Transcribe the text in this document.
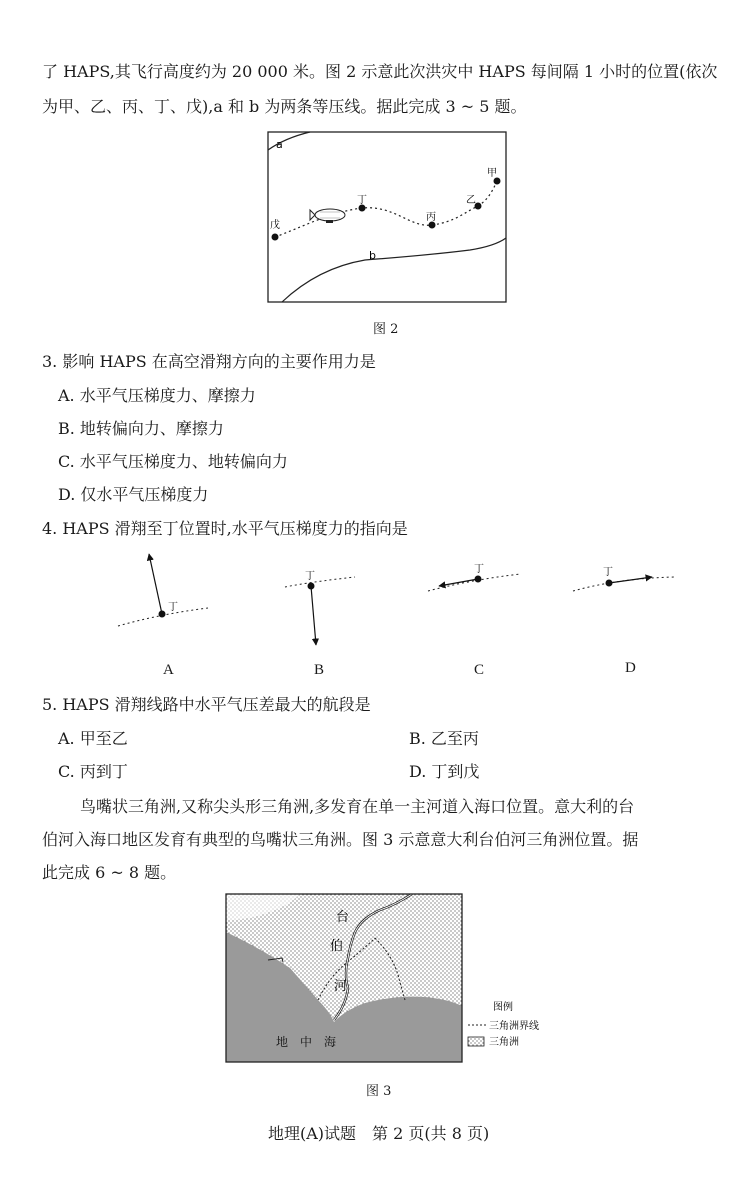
了 HAPS,其飞行高度约为 20 000 米。图 2 示意此次洪灾中 HAPS 每间隔 1 小时的位置(依次
为甲、乙、丙、丁、戊),a 和 b 为两条等压线。据此完成 3 ~ 5 题。
a
b
甲
乙
丙
丁
戊
图 2
3. 影响 HAPS 在高空滑翔方向的主要作用力是
A. 水平气压梯度力、摩擦力
B. 地转偏向力、摩擦力
C. 水平气压梯度力、地转偏向力
D. 仅水平气压梯度力
4. HAPS 滑翔至丁位置时,水平气压梯度力的指向是
丁
丁
丁	丁
A	B	C	D
5. HAPS 滑翔线路中水平气压差最大的航段是
A. 甲至乙	B. 乙至丙
C. 丙到丁	D. 丁到戊
鸟嘴状三角洲,又称尖头形三角洲,多发育在单一主河道入海口位置。意大利的台
伯河入海口地区发育有典型的鸟嘴状三角洲。图 3 示意意大利台伯河三角洲位置。据
此完成 6 ~ 8 题。
台
伯
河
地　中　海
图例
三角洲界线
三角洲
图 3
地理(A)试题　第 2 页(共 8 页)
